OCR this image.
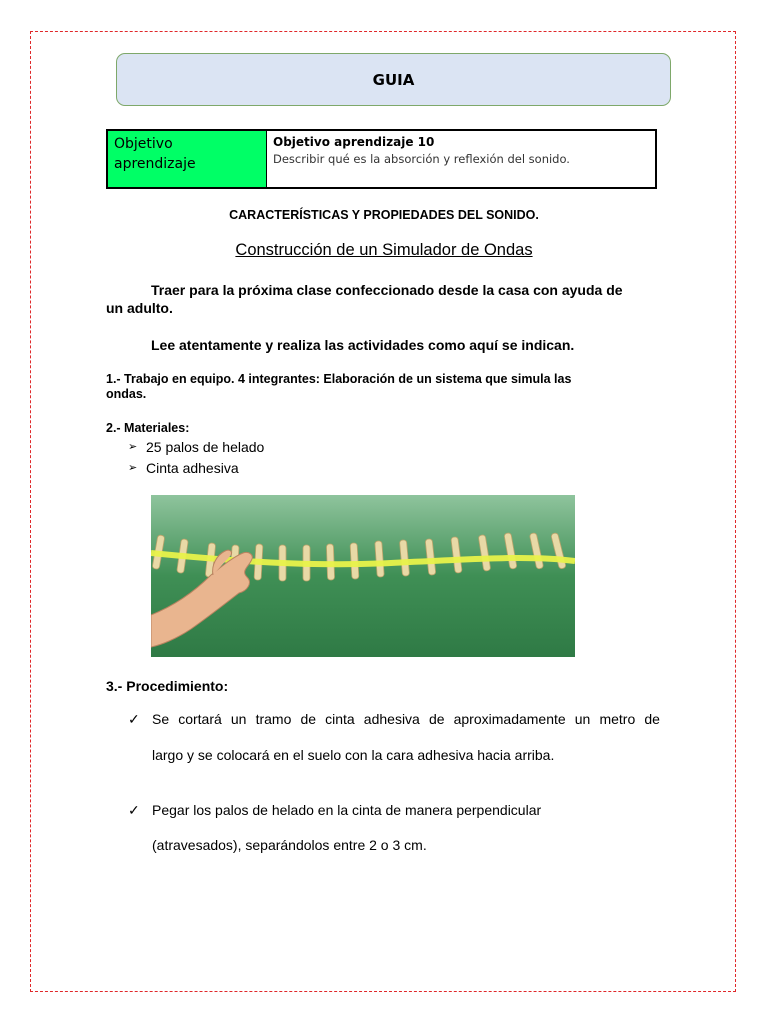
GUIA
Objetivo
aprendizaje
Objetivo aprendizaje 10
Describir qué es la absorción y reflexión del sonido.
CARACTERÍSTICAS Y PROPIEDADES DEL SONIDO.
Construcción de un Simulador de Ondas
Traer para la próxima clase confeccionado desde la casa con ayuda de
un adulto.
Lee atentamente y realiza las actividades como aquí se indican.
1.- Trabajo en equipo. 4 integrantes: Elaboración de un sistema que simula las
ondas.
2.- Materiales:
➢ 25 palos de helado
➢ Cinta adhesiva
3.- Procedimiento:
✓ Se cortará un tramo de cinta adhesiva de aproximadamente un metro de
largo y se colocará en el suelo con la cara adhesiva hacia arriba.
✓ Pegar los palos de helado en la cinta de manera perpendicular
(atravesados), separándolos entre 2 o 3 cm.
